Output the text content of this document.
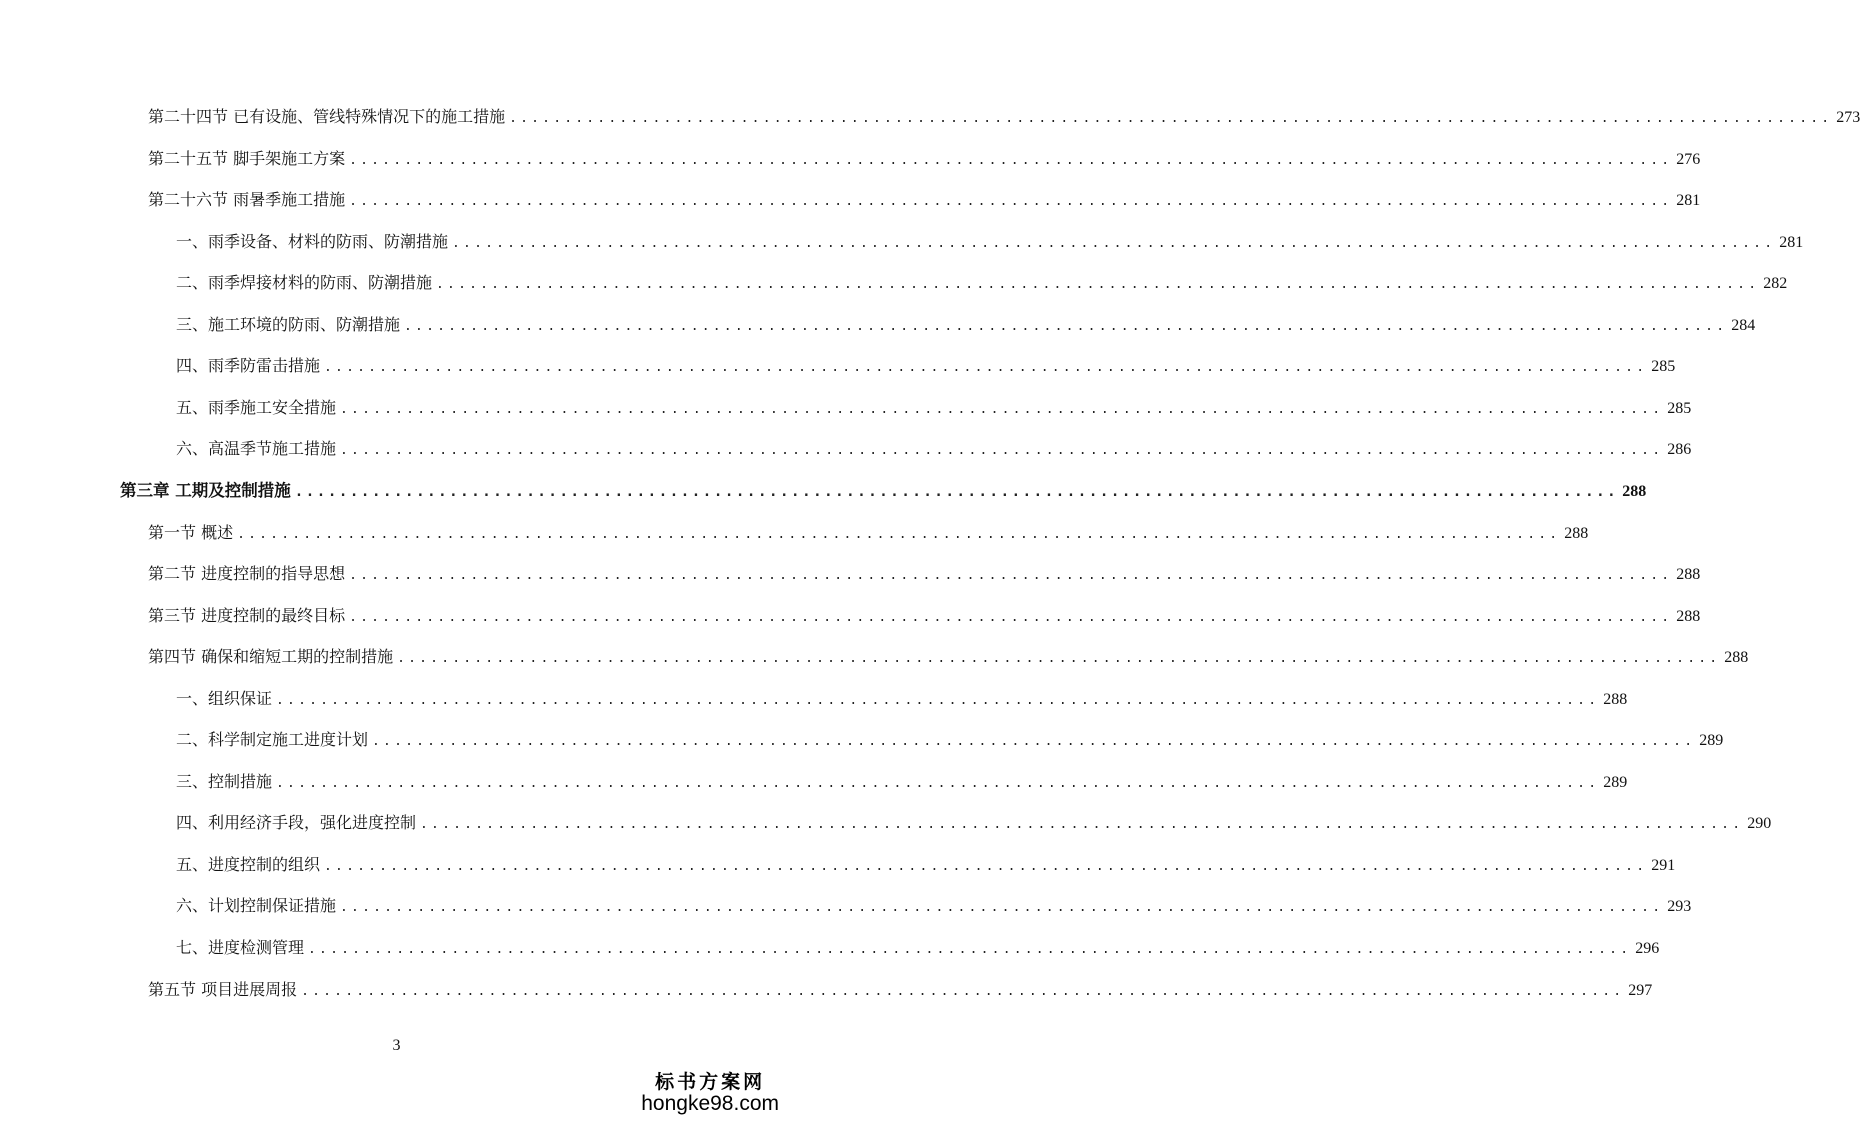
第二十四节 已有设施、管线特殊情况下的施工措施 ........................................................................................................................ 273
第二十五节 脚手架施工方案 ........................................................................................................................ 276
第二十六节 雨暑季施工措施 ........................................................................................................................ 281
一、雨季设备、材料的防雨、防潮措施 ........................................................................................................................ 281
二、雨季焊接材料的防雨、防潮措施 ........................................................................................................................ 282
三、施工环境的防雨、防潮措施 ........................................................................................................................ 284
四、雨季防雷击措施 ........................................................................................................................ 285
五、雨季施工安全措施 ........................................................................................................................ 285
六、高温季节施工措施 ........................................................................................................................ 286
第三章 工期及控制措施 ........................................................................................................................ 288
第一节 概述 ........................................................................................................................ 288
第二节 进度控制的指导思想 ........................................................................................................................ 288
第三节 进度控制的最终目标 ........................................................................................................................ 288
第四节 确保和缩短工期的控制措施 ........................................................................................................................ 288
一、组织保证 ........................................................................................................................ 288
二、科学制定施工进度计划 ........................................................................................................................ 289
三、控制措施 ........................................................................................................................ 289
四、利用经济手段，强化进度控制 ........................................................................................................................ 290
五、进度控制的组织 ........................................................................................................................ 291
六、计划控制保证措施 ........................................................................................................................ 293
七、进度检测管理 ........................................................................................................................ 296
第五节 项目进展周报 ........................................................................................................................ 297
3
标书方案网
hongke98.com
